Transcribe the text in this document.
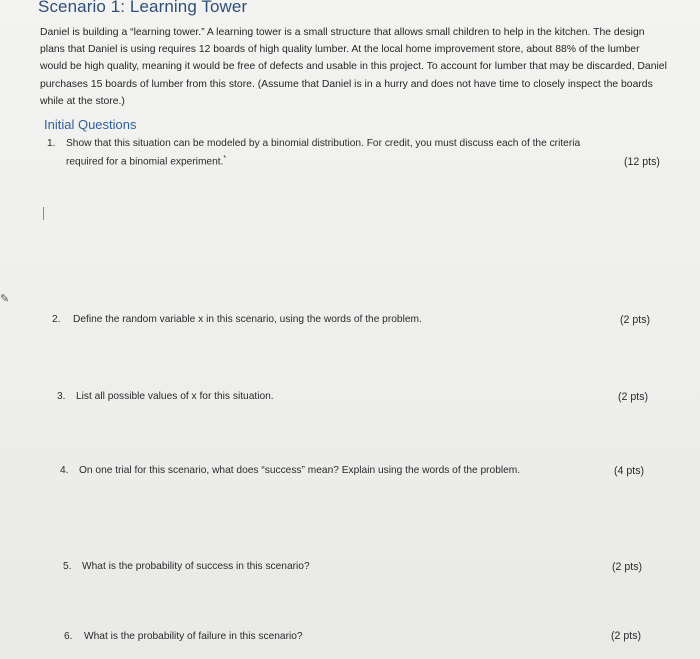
Scenario 1: Learning Tower
Daniel is building a “learning tower.” A learning tower is a small structure that allows small children to help in the kitchen. The design plans that Daniel is using requires 12 boards of high quality lumber. At the local home improvement store, about 88% of the lumber would be high quality, meaning it would be free of defects and usable in this project. To account for lumber that may be discarded, Daniel purchases 15 boards of lumber from this store. (Assume that Daniel is in a hurry and does not have time to closely inspect the boards while at the store.)
Initial Questions
1. Show that this situation can be modeled by a binomial distribution. For credit, you must discuss each of the criteria
required for a binomial experiment.*	(12 pts)
✎
2. Define the random variable x in this scenario, using the words of the problem.	(2 pts)
3. List all possible values of x for this situation.	(2 pts)
4. On one trial for this scenario, what does “success” mean? Explain using the words of the problem.	(4 pts)
5. What is the probability of success in this scenario?	(2 pts)
6. What is the probability of failure in this scenario?	(2 pts)
